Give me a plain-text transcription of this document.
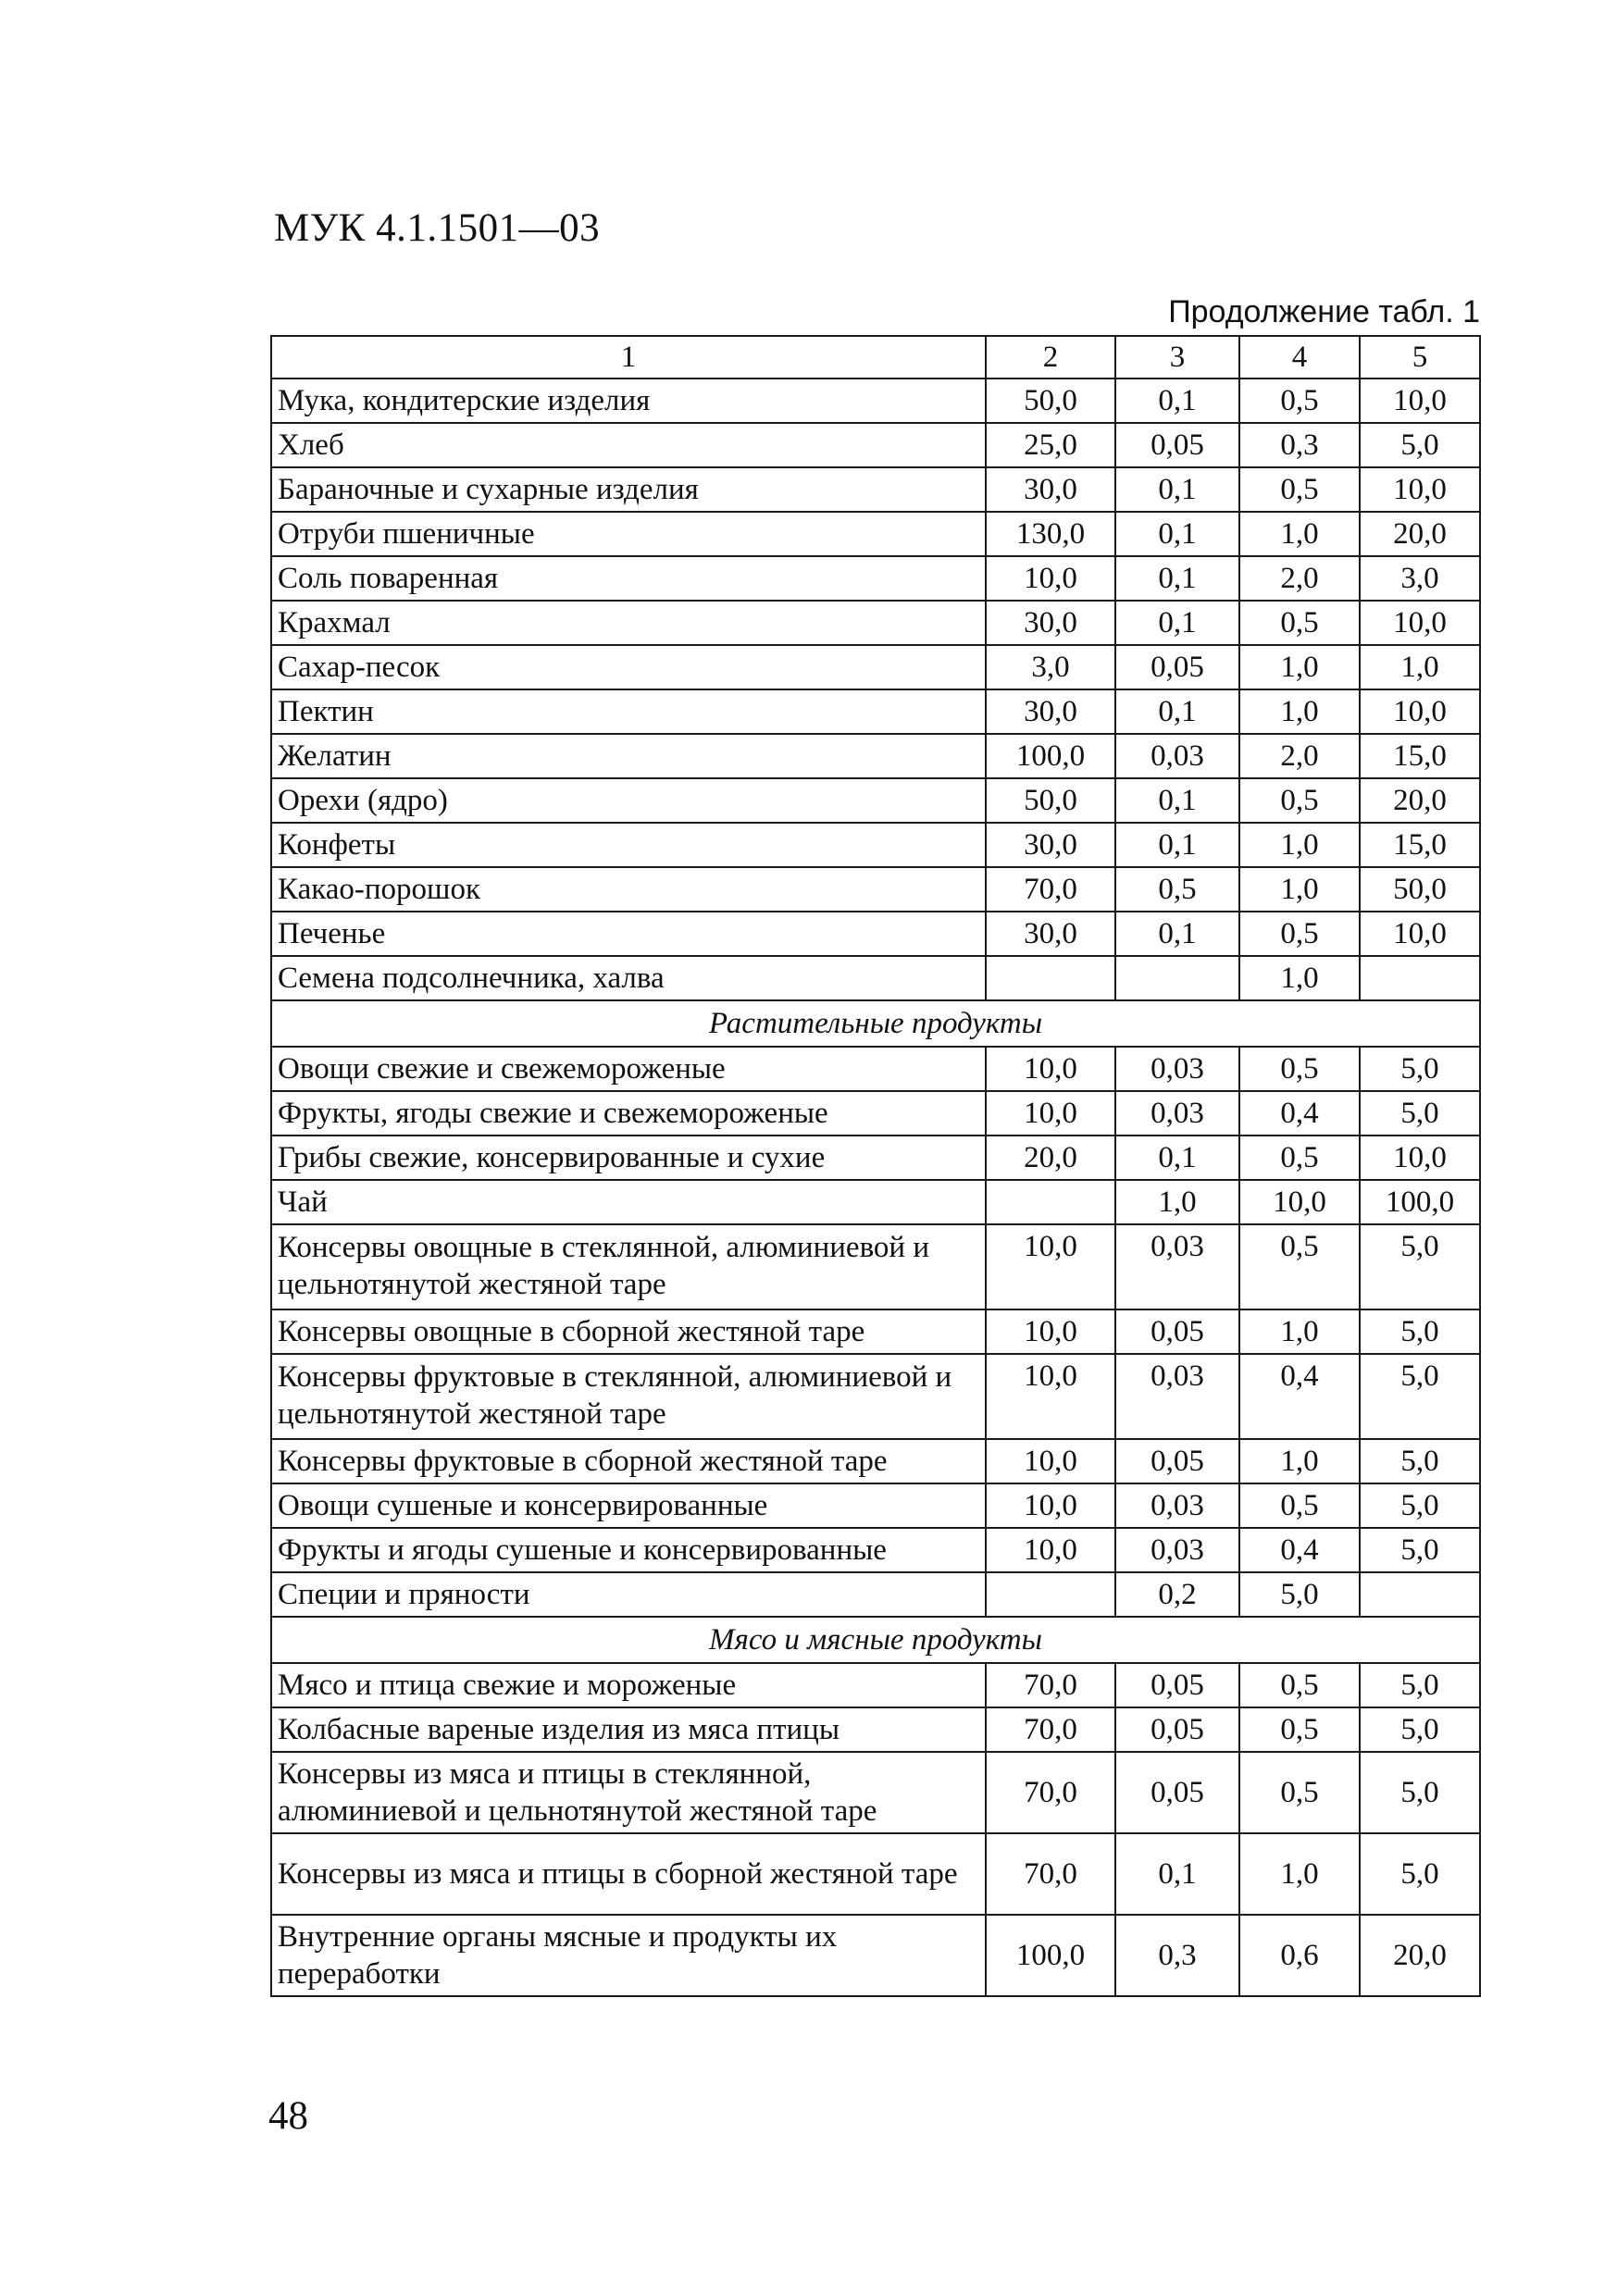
МУК 4.1.1501—03
Продолжение табл. 1
1	2	3	4	5
Мука, кондитерские изделия	50,0	0,1	0,5	10,0
Хлеб	25,0	0,05	0,3	5,0
Бараночные и сухарные изделия	30,0	0,1	0,5	10,0
Отруби пшеничные	130,0	0,1	1,0	20,0
Соль поваренная	10,0	0,1	2,0	3,0
Крахмал	30,0	0,1	0,5	10,0
Сахар-песок	3,0	0,05	1,0	1,0
Пектин	30,0	0,1	1,0	10,0
Желатин	100,0	0,03	2,0	15,0
Орехи (ядро)	50,0	0,1	0,5	20,0
Конфеты	30,0	0,1	1,0	15,0
Какао-порошок	70,0	0,5	1,0	50,0
Печенье	30,0	0,1	0,5	10,0
Семена подсолнечника, халва			1,0	
Растительные продукты				
Овощи свежие и свежемороженые	10,0	0,03	0,5	5,0
Фрукты, ягоды свежие и свежемороженые	10,0	0,03	0,4	5,0
Грибы свежие, консервированные и сухие	20,0	0,1	0,5	10,0
Чай		1,0	10,0	100,0
Консервы овощные в стеклянной, алюминиевой и цельнотянутой жестяной таре	10,0	0,03	0,5	5,0
Консервы овощные в сборной жестяной таре	10,0	0,05	1,0	5,0
Консервы фруктовые в стеклянной, алюминиевой и цельнотянутой жестяной таре	10,0	0,03	0,4	5,0
Консервы фруктовые в сборной жестяной таре	10,0	0,05	1,0	5,0
Овощи сушеные и консервированные	10,0	0,03	0,5	5,0
Фрукты и ягоды сушеные и консервированные	10,0	0,03	0,4	5,0
Специи и пряности		0,2	5,0	
Мясо и мясные продукты				
Мясо и птица свежие и мороженые	70,0	0,05	0,5	5,0
Колбасные вареные изделия из мяса птицы	70,0	0,05	0,5	5,0
Консервы из мяса и птицы в стеклянной, алюминиевой и цельнотянутой жестяной таре	70,0	0,05	0,5	5,0
Консервы из мяса и птицы в сборной жестяной таре	70,0	0,1	1,0	5,0
Внутренние органы мясные и продукты их переработки	100,0	0,3	0,6	20,0
48
